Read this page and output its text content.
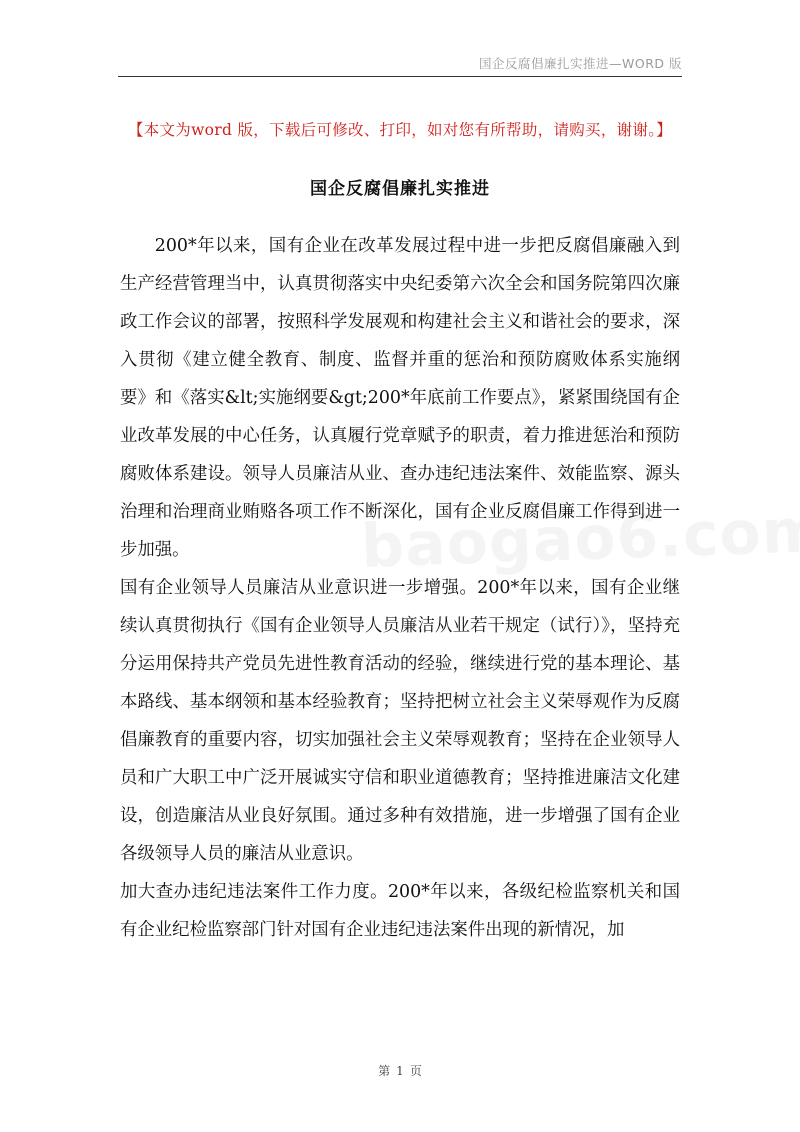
国企反腐倡廉扎实推进—WORD 版
【本文为word 版，下载后可修改、打印，如对您有所帮助，请购买，谢谢。】
国企反腐倡廉扎实推进

200*年以来，国有企业在改革发展过程中进一步把反腐倡廉融入到生产经营管理当中，认真贯彻落实中央纪委第六次全会和国务院第四次廉政工作会议的部署，按照科学发展观和构建社会主义和谐社会的要求，深入贯彻《建立健全教育、制度、监督并重的惩治和预防腐败体系实施纲要》和《落实&lt;实施纲要&gt;200*年底前工作要点》，紧紧围绕国有企业改革发展的中心任务，认真履行党章赋予的职责，着力推进惩治和预防腐败体系建设。领导人员廉洁从业、查办违纪违法案件、效能监察、源头治理和治理商业贿赂各项工作不断深化，国有企业反腐倡廉工作得到进一步加强。

国有企业领导人员廉洁从业意识进一步增强。200*年以来，国有企业继续认真贯彻执行《国有企业领导人员廉洁从业若干规定（试行）》，坚持充分运用保持共产党员先进性教育活动的经验，继续进行党的基本理论、基本路线、基本纲领和基本经验教育；坚持把树立社会主义荣辱观作为反腐倡廉教育的重要内容，切实加强社会主义荣辱观教育；坚持在企业领导人员和广大职工中广泛开展诚实守信和职业道德教育；坚持推进廉洁文化建设，创造廉洁从业良好氛围。通过多种有效措施，进一步增强了国有企业各级领导人员的廉洁从业意识。

加大查办违纪违法案件工作力度。200*年以来，各级纪检监察机关和国有企业纪检监察部门针对国有企业违纪违法案件出现的新情况，加

第 1 页
